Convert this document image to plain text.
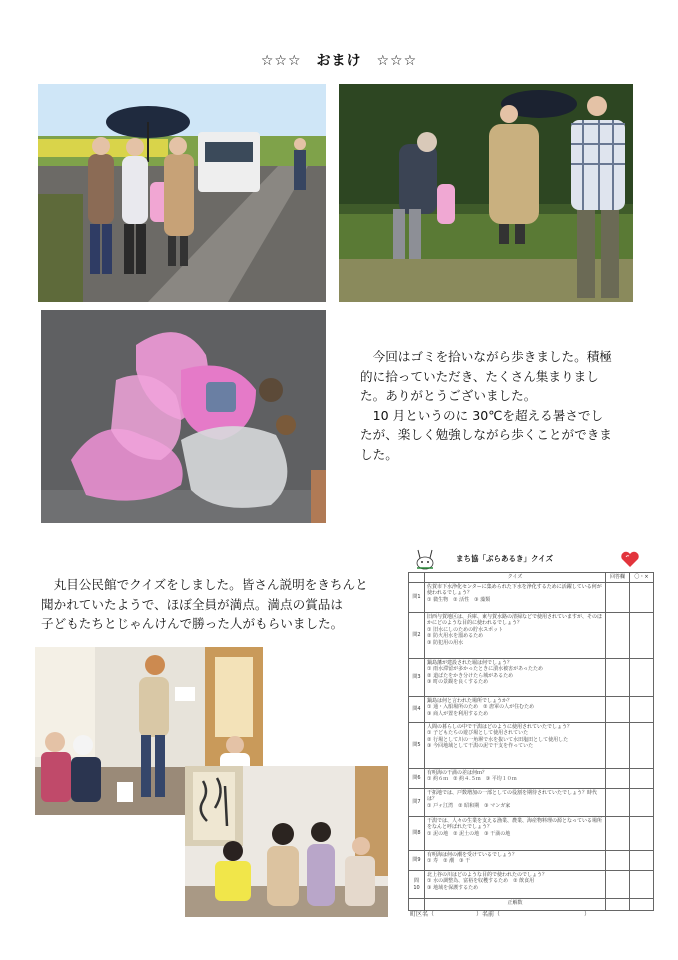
☆☆☆　おまけ　☆☆☆

　今回はゴミを拾いながら歩きました。積極

的に拾っていただき、たくさん集まりまし

た。ありがとうございました。

　10 月というのに 30℃を超える暑さでし

たが、楽しく勉強しながら歩くことができま

した。

　丸目公民館でクイズをしました。皆さん説明をきちんと

聞かれていたようで、ほぼ全員が満点。満点の賞品は

子どもたちとじゃんけんで勝った人がもらいました。

まち協「ぶらあるき」クイズ
	クイズ	回答欄	〇・×
問1	佐賀市下水浄化センターに集められた下水を浄化するために活躍している何が使われるでしょう？
① 微生物　② 活性　③ 藻類		

問2	旧西与賀地区は、兵庫、東与賀水路の清掃などで使用されていますが、そのほかにどのような目的に使われるでしょう？
① 旧水にしのための貯水スポット
② 防火用水を溜めるため
③ 防犯用の用水		

問3	鍋島藩が建設された堀は何でしょう？
① 雨水滞留が多かったときに潰水被害があったため
② 道ばたをかき分けたら城があるため
③ 町の景観を良くするため		

問4	鍋島は何と言われた場所でしょうか？
① 通・入船場所のため　② 唐軍の人が住むため
③ 商人が置を利用するため		

問5	人間の暮らしの中で干潟はどのように使用されていたでしょう？
① 子どもたちの遊び場として使用されていた
② 行場として川の一角塀で水を抜いて水田塩田として使用した
③ 今回地域として干潟の泥で干支を作っていた		

問6	有明海の干満の差は何ｍ？
① 約６ｍ　② 約４.５ｍ　③ 平均１０ｍ		

問7	干拓地では、戸数増加の一部としての役割を期待されていたでしょう？時代は？
① 戸ヶ江湾　② 昭和期　③ マンガ家		

問8	干潟では、人々の生業を支える漁業、農業、海産物料理の源となっている場所をなんと呼ばれたでしょう？
① 泥の地　② 泥土の地　③ 干満の地		

問9	有明海は何の潮を受けているでしょう？
① 寿　② 潮　③ 干		

問10	北上谷の川はどのような目的で使われたのでしょう？
① 水の調整為、富裕を収穫するため　② 飲食用
③ 地域を保護するため		

	正解数		
町区名（　　　　　　　）名前（　　　　　　　　　　　　　　）
